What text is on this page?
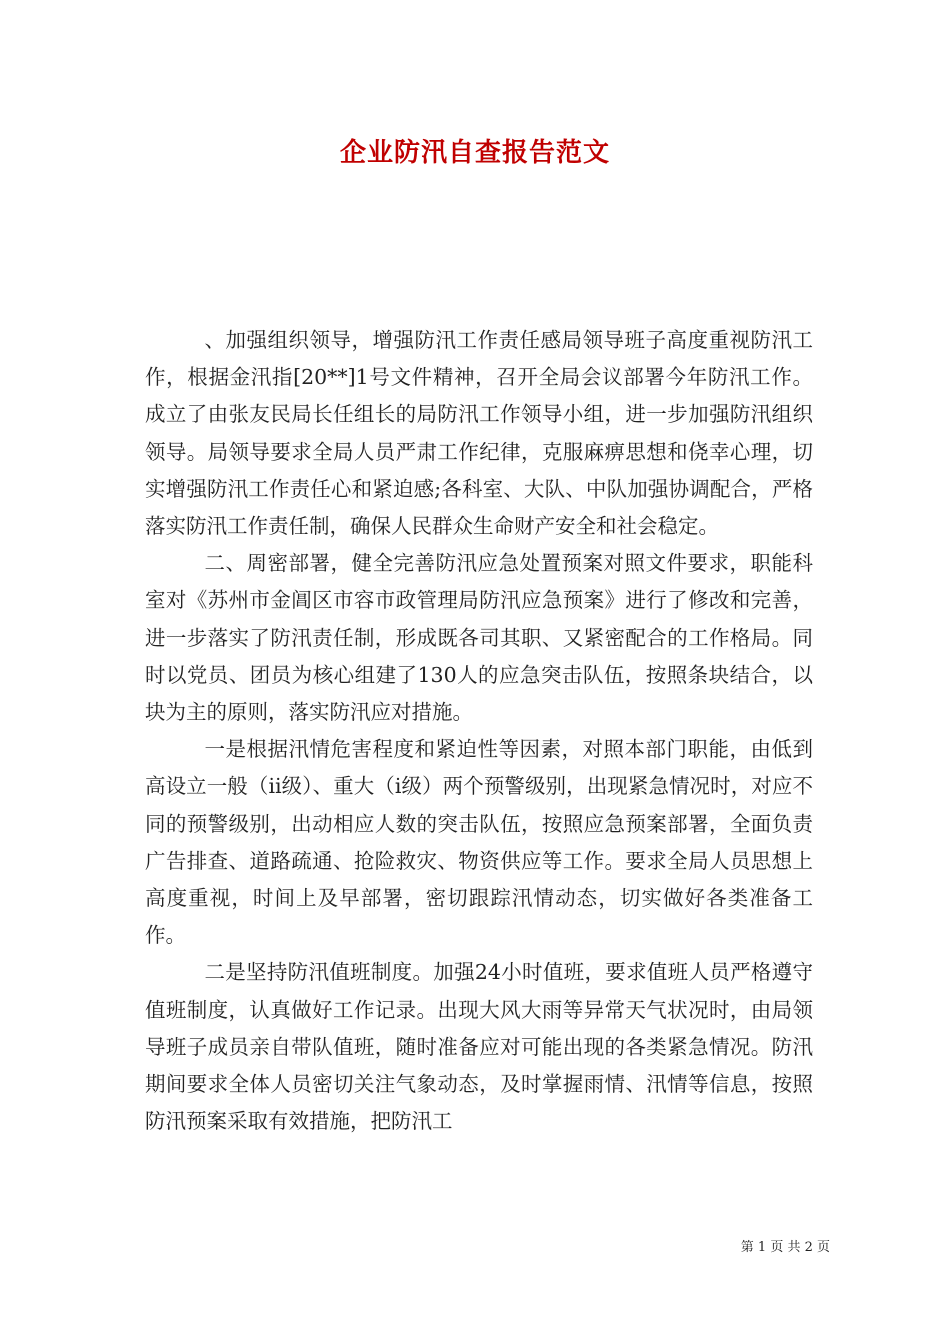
企业防汛自查报告范文

、加强组织领导，增强防汛工作责任感局领导班子高度重视防汛工作，根据金汛指[20**]1号文件精神，召开全局会议部署今年防汛工作。成立了由张友民局长任组长的局防汛工作领导小组，进一步加强防汛组织领导。局领导要求全局人员严肃工作纪律，克服麻痹思想和侥幸心理，切实增强防汛工作责任心和紧迫感;各科室、大队、中队加强协调配合，严格落实防汛工作责任制，确保人民群众生命财产安全和社会稳定。

二、周密部署，健全完善防汛应急处置预案对照文件要求，职能科室对《苏州市金阊区市容市政管理局防汛应急预案》进行了修改和完善，进一步落实了防汛责任制，形成既各司其职、又紧密配合的工作格局。同时以党员、团员为核心组建了130人的应急突击队伍，按照条块结合，以块为主的原则，落实防汛应对措施。

一是根据汛情危害程度和紧迫性等因素，对照本部门职能，由低到高设立一般（ⅱ级）、重大（ⅰ级）两个预警级别，出现紧急情况时，对应不同的预警级别，出动相应人数的突击队伍，按照应急预案部署，全面负责广告排查、道路疏通、抢险救灾、物资供应等工作。要求全局人员思想上高度重视，时间上及早部署，密切跟踪汛情动态，切实做好各类准备工作。

二是坚持防汛值班制度。加强24小时值班，要求值班人员严格遵守值班制度，认真做好工作记录。出现大风大雨等异常天气状况时，由局领导班子成员亲自带队值班，随时准备应对可能出现的各类紧急情况。防汛期间要求全体人员密切关注气象动态，及时掌握雨情、汛情等信息，按照防汛预案采取有效措施，把防汛工

第 1 页 共 2 页
